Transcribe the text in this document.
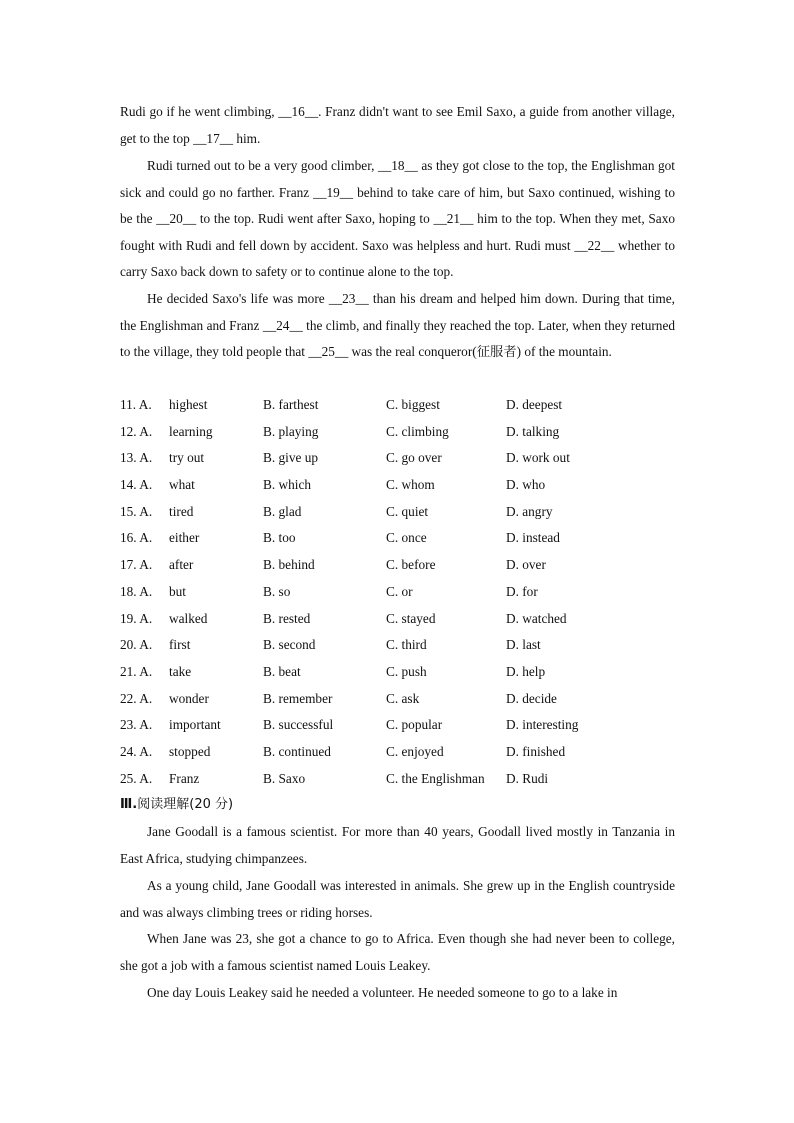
Rudi go if he went climbing, __16__. Franz didn't want to see Emil Saxo, a guide from another village, get to the top __17__ him.
Rudi turned out to be a very good climber, __18__ as they got close to the top, the Englishman got sick and could go no farther. Franz __19__ behind to take care of him, but Saxo continued, wishing to be the __20__ to the top. Rudi went after Saxo, hoping to __21__ him to the top. When they met, Saxo fought with Rudi and fell down by accident. Saxo was helpless and hurt. Rudi must __22__ whether to carry Saxo back down to safety or to continue alone to the top.
He decided Saxo's life was more __23__ than his dream and helped him down. During that time, the Englishman and Franz __24__ the climb, and finally they reached the top. Later, when they returned to the village, they told people that __25__ was the real conqueror(征服者) of the mountain.
11. A. highest	B. farthest	C. biggest	D. deepest
12. A. learning	B. playing	C. climbing	D. talking
13. A. try out	B. give up	C. go over	D. work out
14. A. what	B. which	C. whom	D. who
15. A. tired	B. glad	C. quiet	D. angry
16. A. either	B. too	C. once	D. instead
17. A. after	B. behind	C. before	D. over
18. A. but	B. so	C. or	D. for
19. A. walked	B. rested	C. stayed	D. watched
20. A. first	B. second	C. third	D. last
21. A. take	B. beat	C. push	D. help
22. A. wonder	B. remember	C. ask	D. decide
23. A. important	B. successful	C. popular	D. interesting
24. A. stopped	B. continued	C. enjoyed	D. finished
25. A. Franz	B. Saxo	C. the Englishman D. Rudi
Ⅲ.阅读理解(20 分)
Jane Goodall is a famous scientist. For more than 40 years, Goodall lived mostly in Tanzania in East Africa, studying chimpanzees.
As a young child, Jane Goodall was interested in animals. She grew up in the English countryside and was always climbing trees or riding horses.
When Jane was 23, she got a chance to go to Africa. Even though she had never been to college, she got a job with a famous scientist named Louis Leakey.
One day Louis Leakey said he needed a volunteer. He needed someone to go to a lake in
